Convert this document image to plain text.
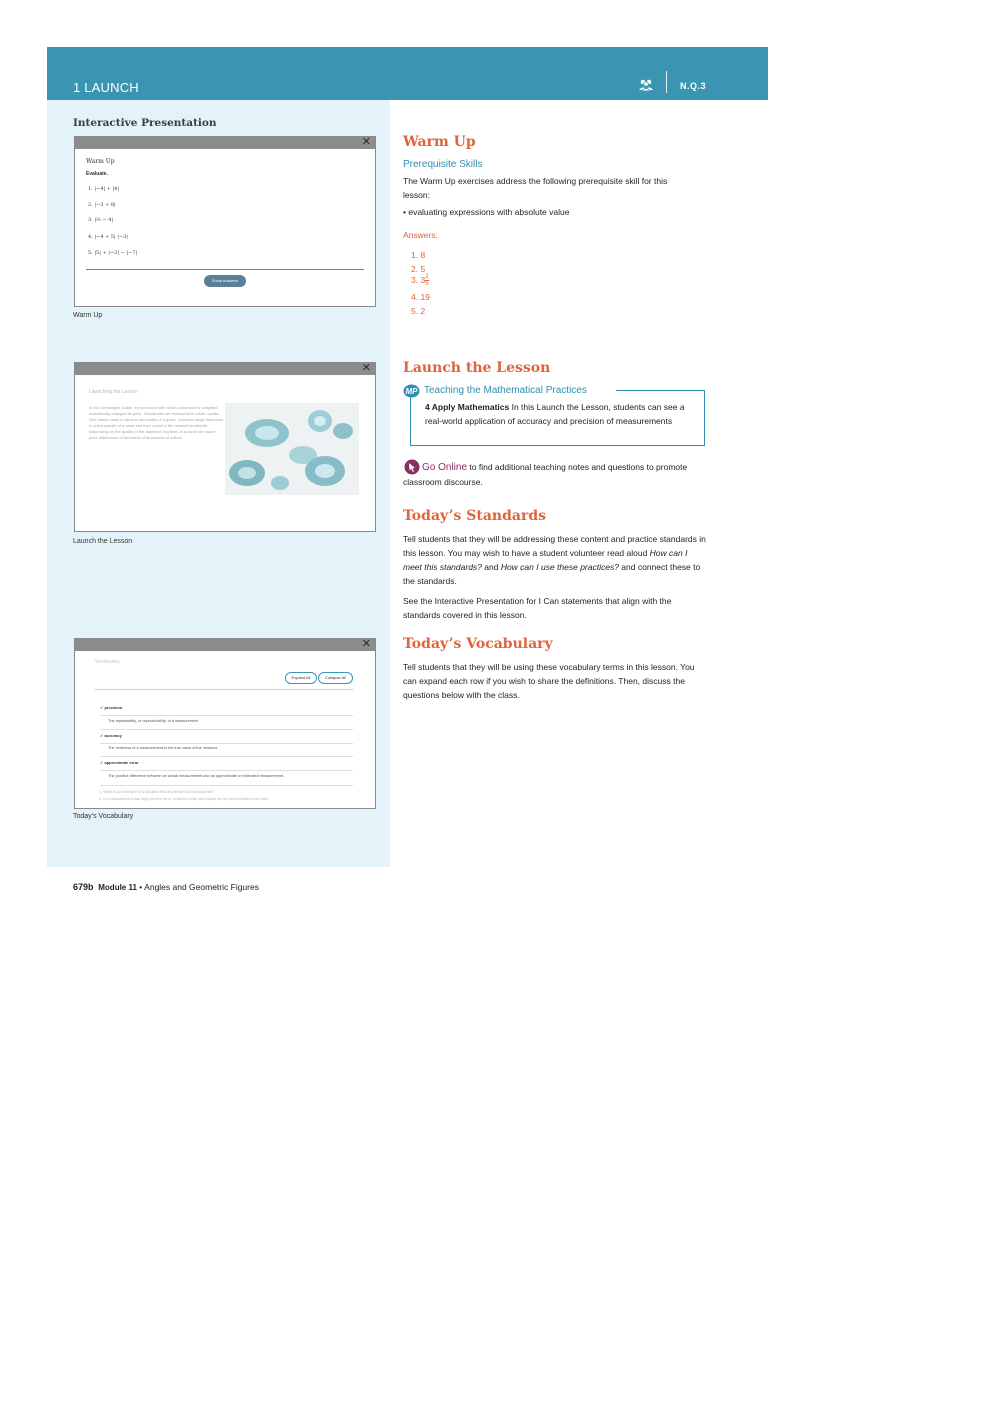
1 LAUNCH	N.Q.3
Interactive Presentation
✕
Warm Up
Evaluate.
1. |−4| + |4|
2. |−3 + 8|
3. |⅖ − 4|
4. |−4 + 5| |−3|
5. |5| + |−3| − |−7|
Show Answers
Warm Up
✕
Launching the Lesson
In the Gemologist Guide, the precision with which a diamond is weighted dramatically changes its price. Gemstones are measured in metric carats. One metric carat is equal to two tenths of a gram. Jewelers weigh diamonds to a thousandth of a carat and then round to the nearest hundredth. Depending on the quality of the diamond, fractions of a carat can cause price differences of hundreds of thousands of dollars.
Launch the Lesson
✕
Vocabulary
Expand All	Collapse All
✓ precision
The repeatability, or reproducibility, of a measurement
✓ accuracy
The nearness of a measurement to the true value of the measure
✓ approximate error
The positive difference between an actual measurement and an approximate or estimated measurement.
1. What is an example of a situation that is precise but not accurate?
2. If a measurement has high percent error, what error can you expect for the approximate error rate?
Today’s Vocabulary
Warm Up
Prerequisite Skills
The Warm Up exercises address the following prerequisite skill for this lesson:
• evaluating expressions with absolute value
Answers:
1. 8
2. 5
3. $3 \frac{2}{5}$
4. 19
5. 2
Launch the Lesson
MP Teaching the Mathematical Practices
4 Apply Mathematics In this Launch the Lesson, students can see a real-world application of accuracy and precision of measurements
Go Online to find additional teaching notes and questions to promote classroom discourse.
Today’s Standards
Tell students that they will be addressing these content and practice standards in this lesson. You may wish to have a student volunteer read aloud How can I meet this standards? and How can I use these practices? and connect these to the standards.
See the Interactive Presentation for I Can statements that align with the standards covered in this lesson.
Today’s Vocabulary
Tell students that they will be using these vocabulary terms in this lesson. You can expand each row if you wish to share the definitions. Then, discuss the questions below with the class.
679b Module 11 • Angles and Geometric Figures
